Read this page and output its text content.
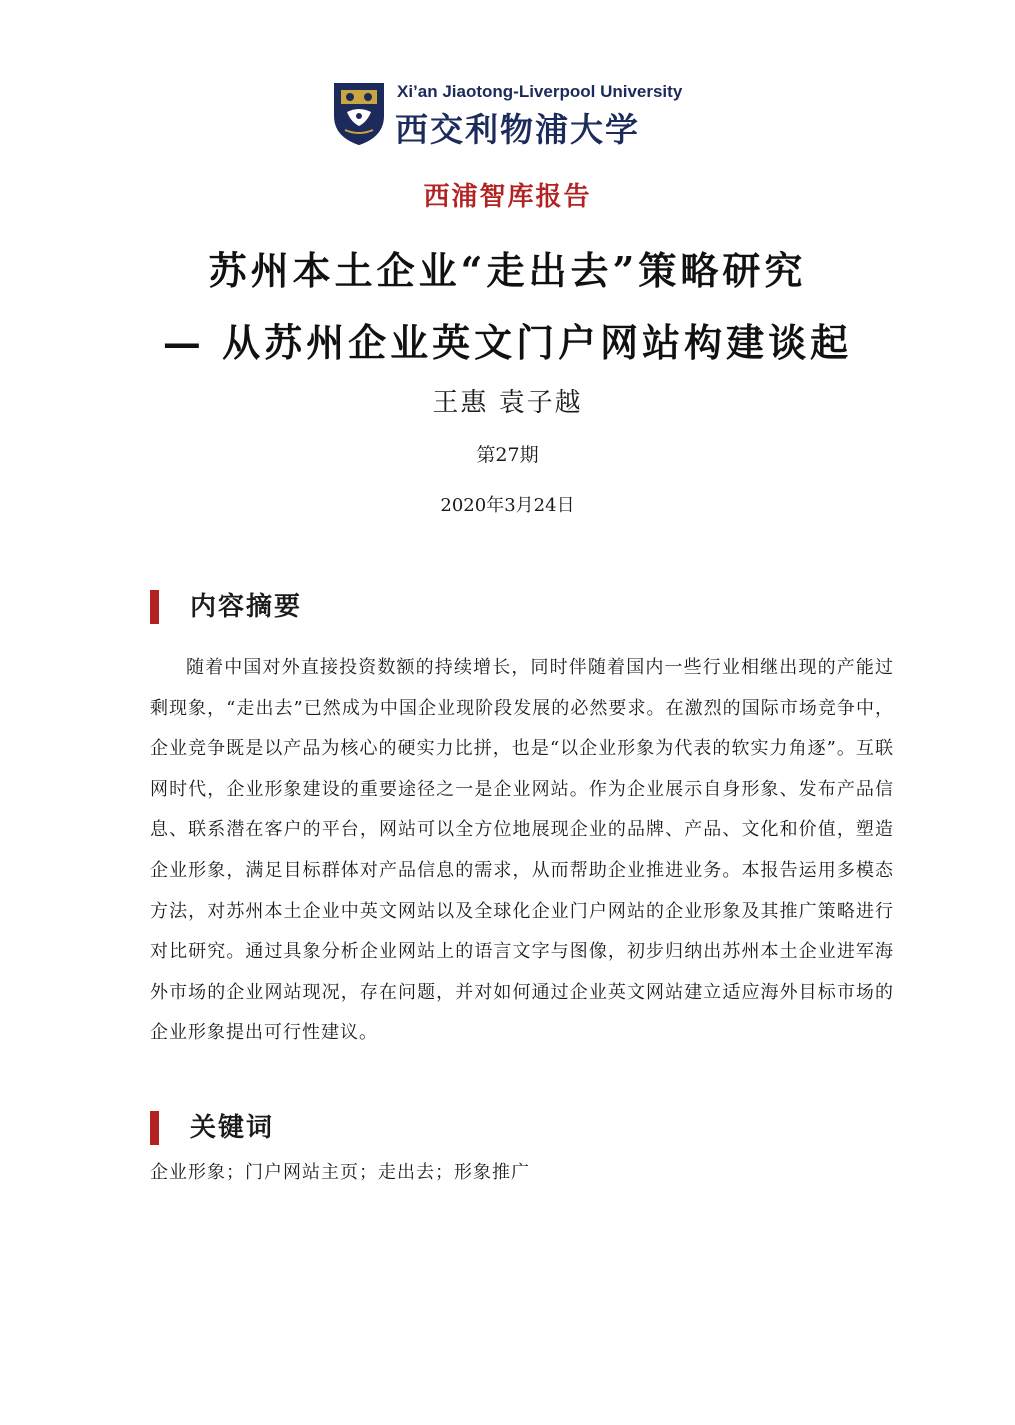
Xi’an Jiaotong-Liverpool University
西交利物浦大学
西浦智库报告
苏州本土企业“走出去”策略研究
— 从苏州企业英文门户网站构建谈起
王惠 袁子越
第27期
2020年3月24日
内容摘要
随着中国对外直接投资数额的持续增长，同时伴随着国内一些行业相继出现的产能过剩现象，“走出去”已然成为中国企业现阶段发展的必然要求。在激烈的国际市场竞争中，企业竞争既是以产品为核心的硬实力比拼，也是“以企业形象为代表的软实力角逐”。互联网时代，企业形象建设的重要途径之一是企业网站。作为企业展示自身形象、发布产品信息、联系潜在客户的平台，网站可以全方位地展现企业的品牌、产品、文化和价值，塑造企业形象，满足目标群体对产品信息的需求，从而帮助企业推进业务。本报告运用多模态方法，对苏州本土企业中英文网站以及全球化企业门户网站的企业形象及其推广策略进行对比研究。通过具象分析企业网站上的语言文字与图像，初步归纳出苏州本土企业进军海外市场的企业网站现况，存在问题，并对如何通过企业英文网站建立适应海外目标市场的企业形象提出可行性建议。
关键词
企业形象；门户网站主页；走出去；形象推广
